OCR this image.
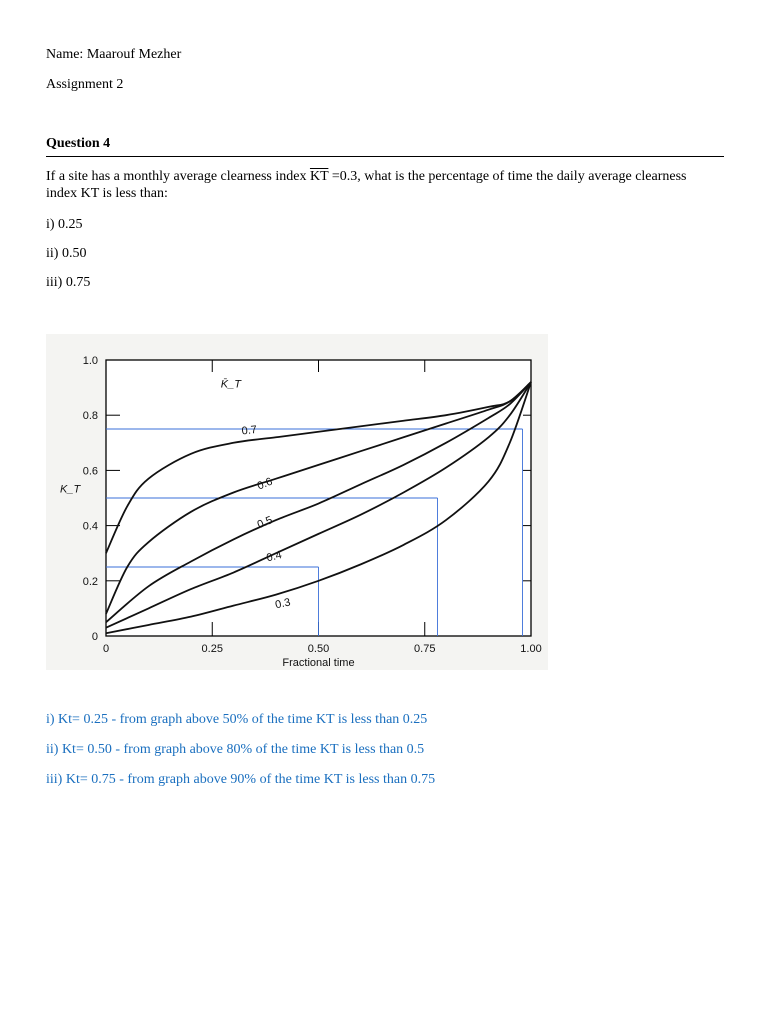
Name: Maarouf Mezher
Assignment 2
Question 4
If a site has a monthly average clearness index $\overline{KT} =0.3$, what is the percentage of time the daily average clearness index KT is less than:
i) 0.25
ii) 0.50
iii) 0.75
0
0.2
0.4
0.6
0.8
1.0
0	0.25	0.50	0.75	1.00
Fractional time
K_T
K̄_T
0.7
0.6
0.5
0.4
0.3
i) Kt= 0.25 - from graph above 50% of the time KT is less than 0.25
ii) Kt= 0.50 - from graph above 80% of the time KT is less than 0.5
iii) Kt= 0.75 - from graph above 90% of the time KT is less than 0.75
